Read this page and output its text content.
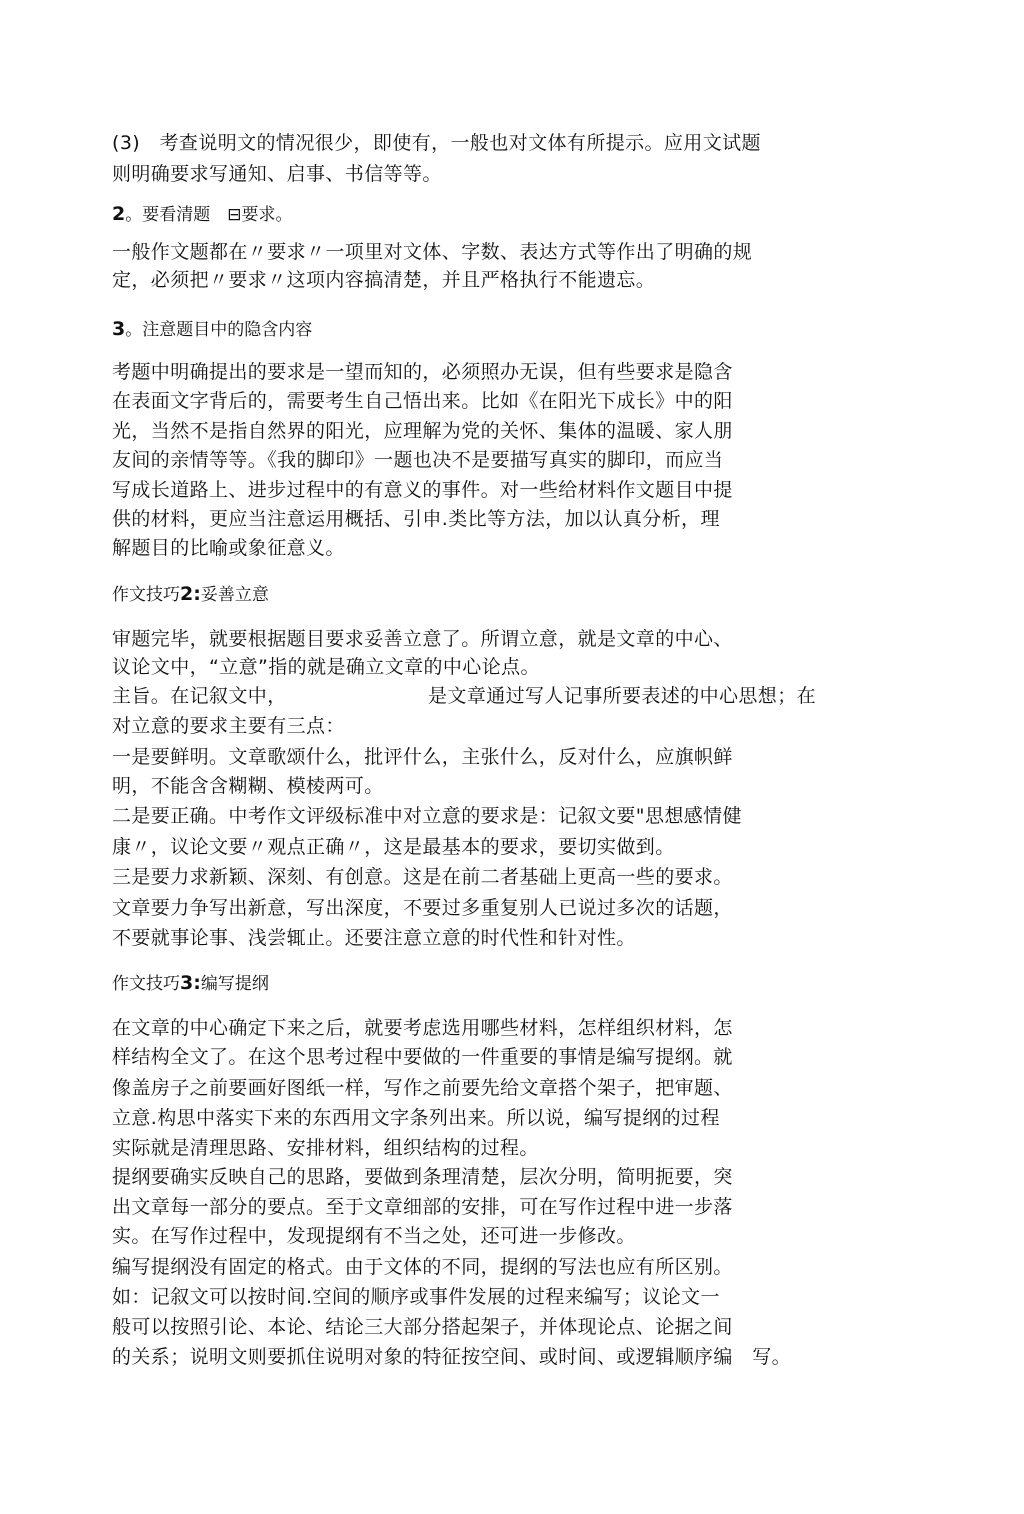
(3)　考查说明文的情况很少，即使有，一般也对文体有所提示。应用文试题
则明确要求写通知、启事、书信等等。
2。要看清题　⊟要求。
一般作文题都在〃要求〃一项里对文体、字数、表达方式等作出了明确的规
定，必须把〃要求〃这项内容搞清楚，并且严格执行不能遗忘。
3。注意题目中的隐含内容
考题中明确提出的要求是一望而知的，必须照办无误，但有些要求是隐含
在表面文字背后的，需要考生自己悟出来。比如《在阳光下成长》中的阳
光，当然不是指自然界的阳光，应理解为党的关怀、集体的温暖、家人朋
友间的亲情等等。《我的脚印》一题也决不是要描写真实的脚印，而应当
写成长道路上、进步过程中的有意义的事件。对一些给材料作文题目中提
供的材料，更应当注意运用概括、引申.类比等方法，加以认真分析，理
解题目的比喻或象征意义。
作文技巧2:妥善立意
审题完毕，就要根据题目要求妥善立意了。所谓立意，就是文章的中心、
议论文中，“立意”指的就是确立文章的中心论点。
主旨。在记叙文中，	是文章通过写人记事所要表述的中心思想；在
对立意的要求主要有三点：
一是要鲜明。文章歌颂什么，批评什么，主张什么，反对什么，应旗帜鲜
明，不能含含糊糊、模棱两可。
二是要正确。中考作文评级标准中对立意的要求是：记叙文要"思想感情健
康〃，议论文要〃观点正确〃，这是最基本的要求，要切实做到。
三是要力求新颖、深刻、有创意。这是在前二者基础上更高一些的要求。
文章要力争写出新意，写出深度，不要过多重复别人已说过多次的话题，
不要就事论事、浅尝辄止。还要注意立意的时代性和针对性。
作文技巧3:编写提纲
在文章的中心确定下来之后，就要考虑选用哪些材料，怎样组织材料，怎
样结构全文了。在这个思考过程中要做的一件重要的事情是编写提纲。就
像盖房子之前要画好图纸一样，写作之前要先给文章搭个架子，把审题、
立意.构思中落实下来的东西用文字条列出来。所以说，编写提纲的过程
实际就是清理思路、安排材料，组织结构的过程。
提纲要确实反映自己的思路，要做到条理清楚，层次分明，简明扼要，突
出文章每一部分的要点。至于文章细部的安排，可在写作过程中进一步落
实。在写作过程中，发现提纲有不当之处，还可进一步修改。
编写提纲没有固定的格式。由于文体的不同，提纲的写法也应有所区别。
如：记叙文可以按时间.空间的顺序或事件发展的过程来编写；议论文一
般可以按照引论、本论、结论三大部分搭起架子，并体现论点、论据之间
的关系；说明文则要抓住说明对象的特征按空间、或时间、或逻辑顺序编　写。
